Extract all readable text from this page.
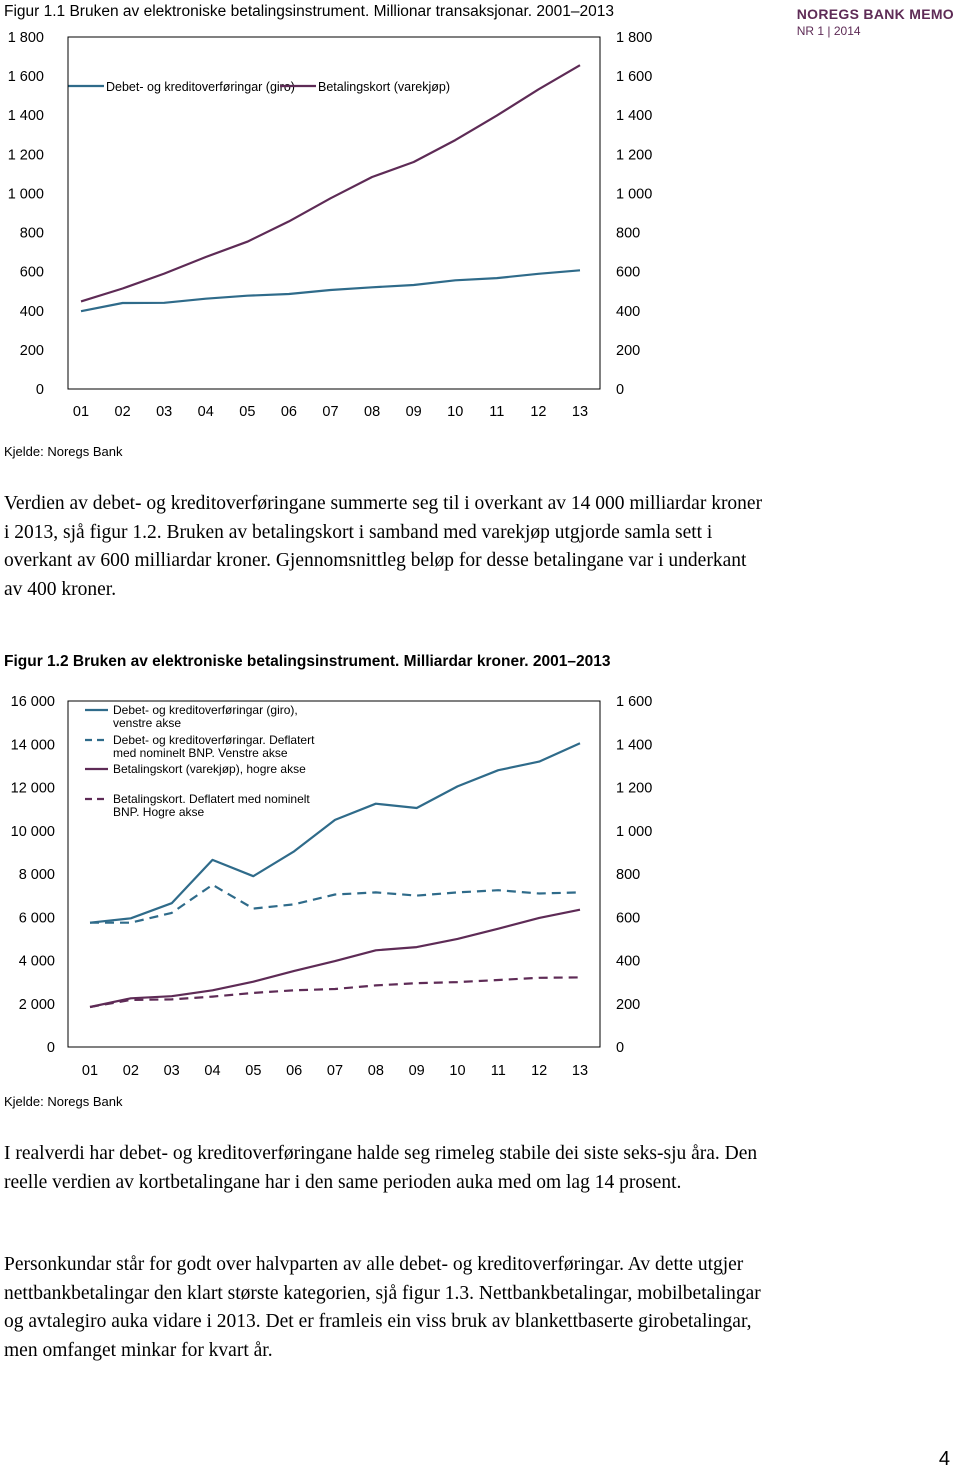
NOREGS BANK MEMO
NR 1 | 2014
Figur 1.1 Bruken av elektroniske betalingsinstrument. Millionar transaksjonar. 2001–2013
0
200
400
600
800
1 000
1 200
1 400
1 600
1 800
0
200
400
600
800
1 000
1 200
1 400
1 600
1 800
01 02 03 04 05 06 07 08 09 10 11 12 13
Debet- og kreditoverføringar (giro) Betalingskort (varekjøp)
Kjelde: Noregs Bank

Verdien av debet- og kreditoverføringane summerte seg til i overkant av 14 000 milliardar kroner i 2013, sjå figur 1.2. Bruken av betalingskort i samband med varekjøp utgjorde samla sett i overkant av 600 milliardar kroner. Gjennomsnittleg beløp for desse betalingane var i underkant av 400 kroner.

Figur 1.2 Bruken av elektroniske betalingsinstrument. Milliardar kroner. 2001–2013
0
2 000
4 000
6 000
8 000
10 000
12 000
14 000
16 000
0
200
400
600
800
1 000
1 200
1 400
1 600
01 02 03 04 05 06 07 08 09 10 11 12 13
Debet- og kreditoverføringar (giro), venstre akse
Debet- og kreditoverføringar. Deflatert med nominelt BNP. Venstre akse
Betalingskort (varekjøp), hogre akse
Betalingskort. Deflatert med nominelt BNP. Hogre akse
Kjelde: Noregs Bank

I realverdi har debet- og kreditoverføringane halde seg rimeleg stabile dei siste seks-sju åra. Den reelle verdien av kortbetalingane har i den same perioden auka med om lag 14 prosent.

Personkundar står for godt over halvparten av alle debet- og kreditoverføringar. Av dette utgjer nettbankbetalingar den klart største kategorien, sjå figur 1.3. Nettbankbetalingar, mobilbetalingar og avtalegiro auka vidare i 2013. Det er framleis ein viss bruk av blankettbaserte girobetalingar, men omfanget minkar for kvart år.

4
